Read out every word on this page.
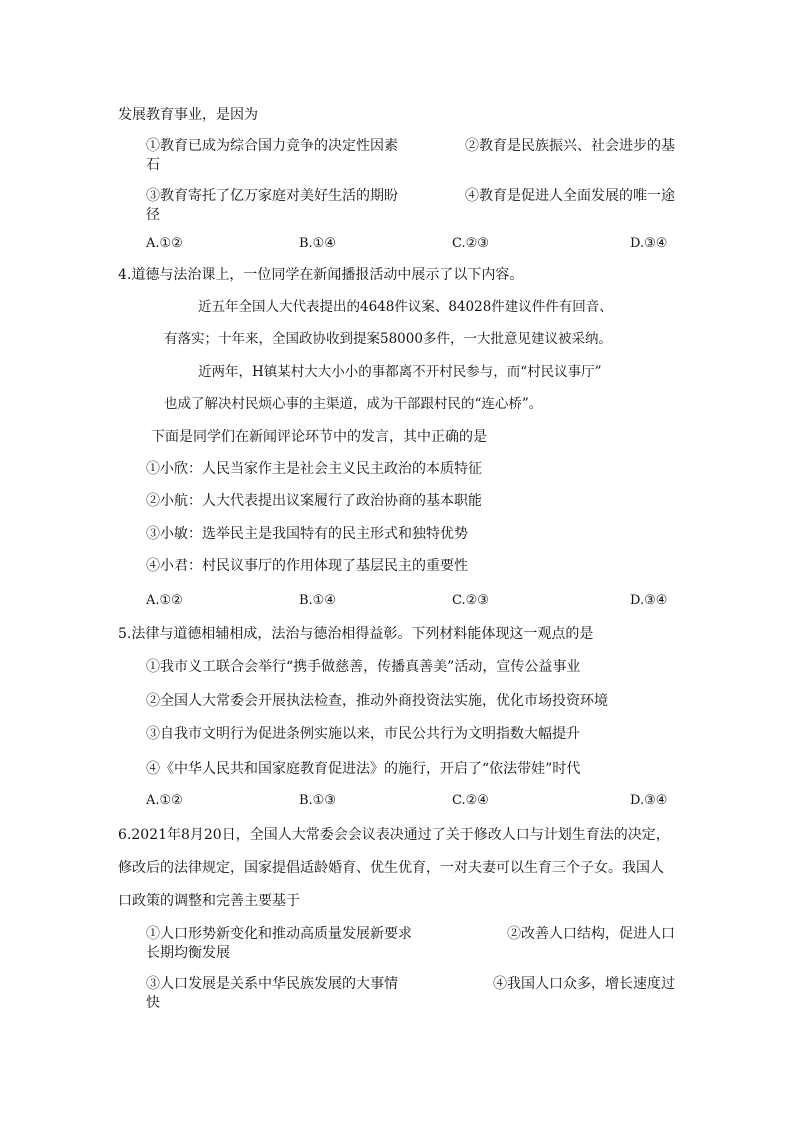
发展教育事业，是因为
①教育已成为综合国力竞争的决定性因素	②教育是民族振兴、社会进步的基
石
③教育寄托了亿万家庭对美好生活的期盼	④教育是促进人全面发展的唯一途
径
A.①②	B.①④	C.②③	D.③④
4.道德与法治课上，一位同学在新闻播报活动中展示了以下内容。
近五年全国人大代表提出的4648件议案、84028件建议件件有回音、
有落实；十年来，全国政协收到提案58000多件，一大批意见建议被采纳。
近两年，H镇某村大大小小的事都离不开村民参与，而“村民议事厅”
也成了解决村民烦心事的主渠道，成为干部跟村民的“连心桥”。
下面是同学们在新闻评论环节中的发言，其中正确的是
①小欣：人民当家作主是社会主义民主政治的本质特征
②小航：人大代表提出议案履行了政治协商的基本职能
③小敏：选举民主是我国特有的民主形式和独特优势
④小君：村民议事厅的作用体现了基层民主的重要性
A.①②	B.①④	C.②③	D.③④
5.法律与道德相辅相成，法治与德治相得益彰。下列材料能体现这一观点的是
①我市义工联合会举行“携手做慈善，传播真善美”活动，宣传公益事业
②全国人大常委会开展执法检查，推动外商投资法实施，优化市场投资环境
③自我市文明行为促进条例实施以来，市民公共行为文明指数大幅提升
④《中华人民共和国家庭教育促进法》的施行，开启了“依法带娃”时代
A.①②	B.①③	C.②④	D.③④
6.2021年8月20日，全国人大常委会会议表决通过了关于修改人口与计划生育法的决定，
修改后的法律规定，国家提倡适龄婚育、优生优育，一对夫妻可以生育三个子女。我国人
口政策的调整和完善主要基于
①人口形势新变化和推动高质量发展新要求	②改善人口结构，促进人口
长期均衡发展
③人口发展是关系中华民族发展的大事情	④我国人口众多，增长速度过
快
